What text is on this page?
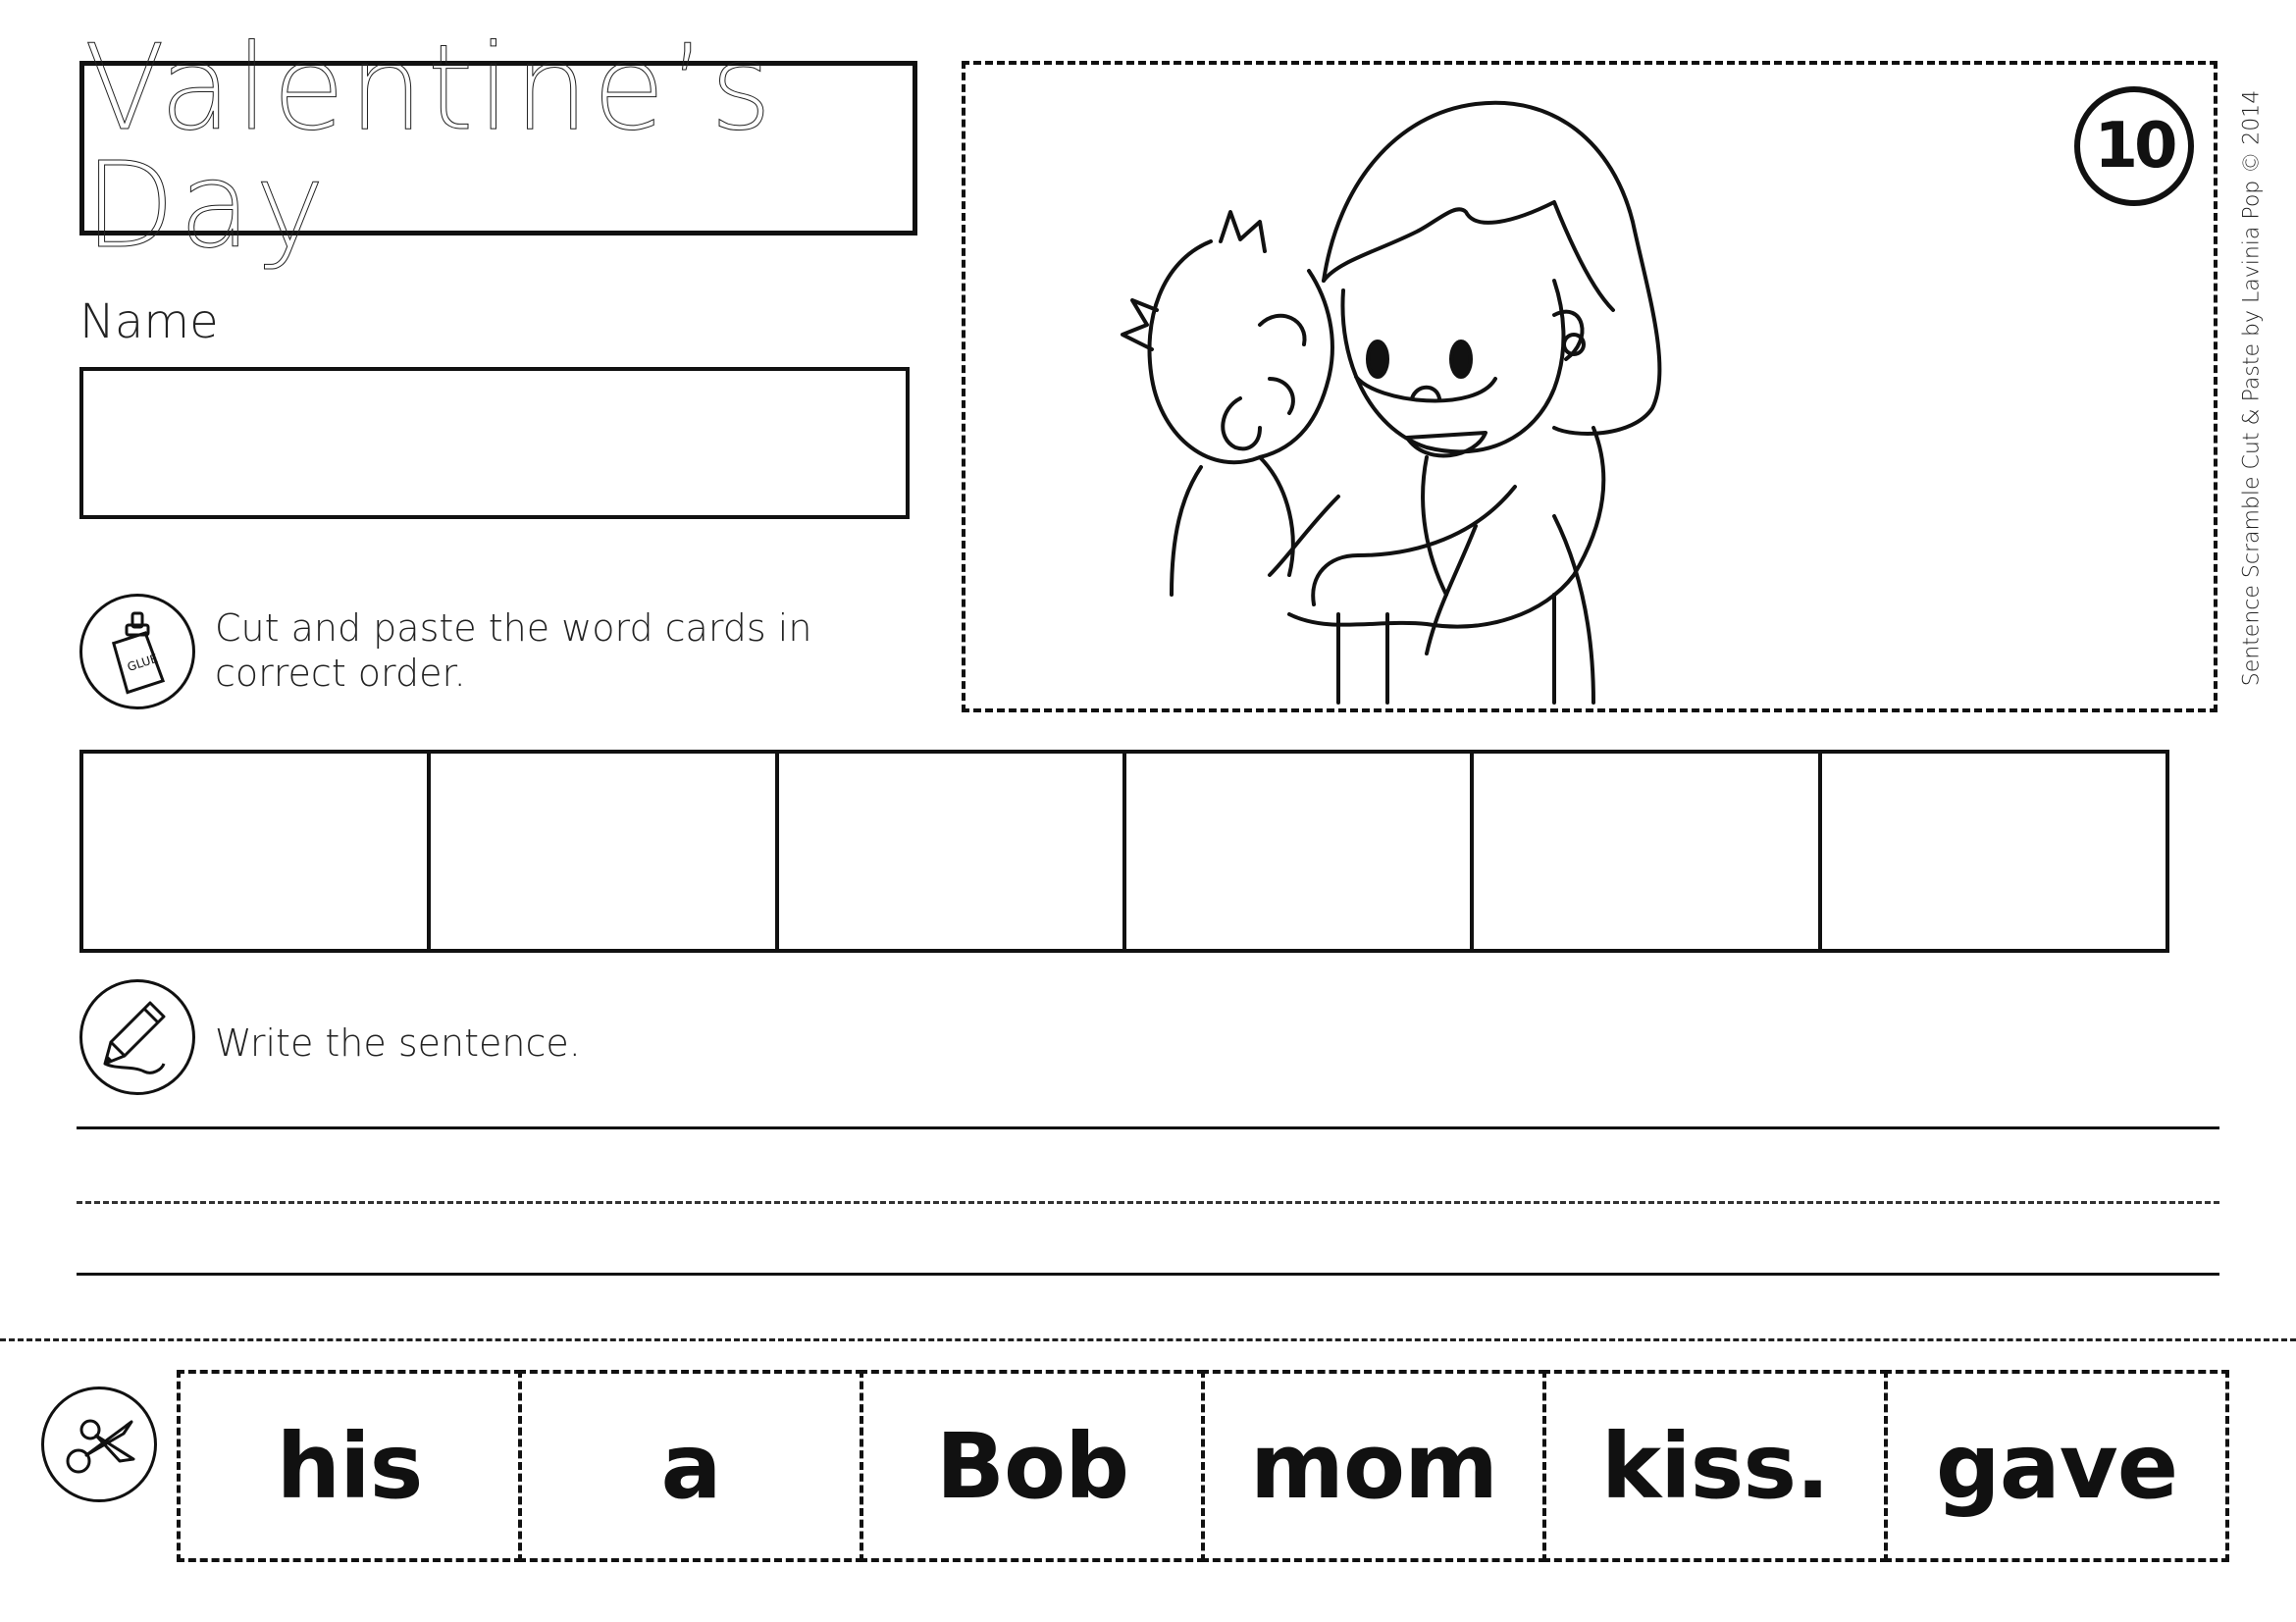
Valentine’s Day
Name
GLUE
Cut and paste the word cards in correct order.
10	Sentence Scramble Cut & Paste by Lavinia Pop © 2014
Write the sentence.
his	a	Bob	mom	kiss.	gave
